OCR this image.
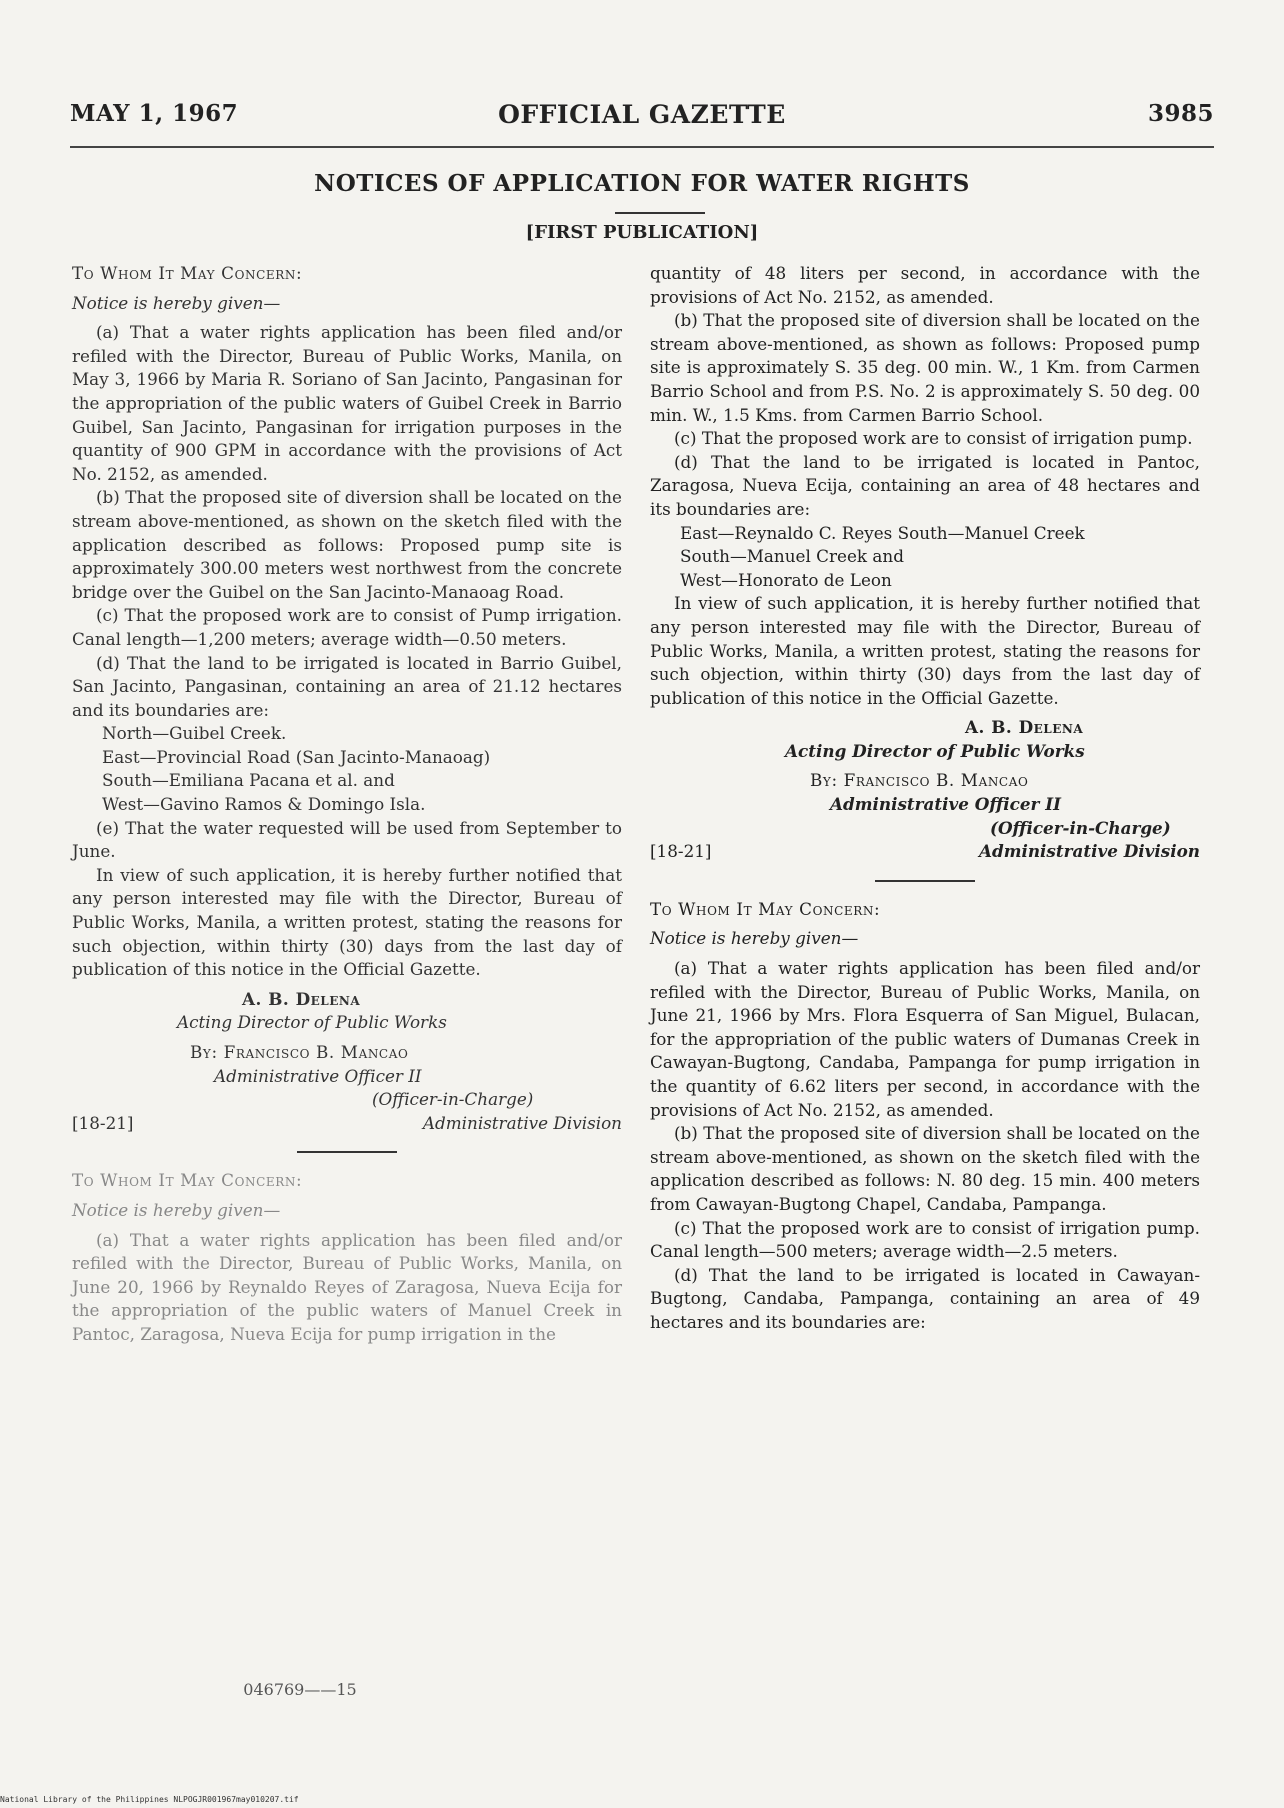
MAY 1, 1967	OFFICIAL GAZETTE	3985
NOTICES OF APPLICATION FOR WATER RIGHTS
[FIRST PUBLICATION]

To Whom It May Concern:

Notice is hereby given—

(a) That a water rights application has been filed and/or refiled with the Director, Bureau of Public Works, Manila, on May 3, 1966 by Maria R. Soriano of San Jacinto, Pangasinan for the appropriation of the public waters of Guibel Creek in Barrio Guibel, San Jacinto, Pangasinan for irrigation purposes in the quantity of 900 GPM in accordance with the provisions of Act No. 2152, as amended.

(b) That the proposed site of diversion shall be located on the stream above-mentioned, as shown on the sketch filed with the application described as follows: Proposed pump site is approximately 300.00 meters west northwest from the concrete bridge over the Guibel on the San Jacinto-Manaoag Road.

(c) That the proposed work are to consist of Pump irrigation. Canal length—1,200 meters; average width—0.50 meters.

(d) That the land to be irrigated is located in Barrio Guibel, San Jacinto, Pangasinan, containing an area of 21.12 hectares and its boundaries are:

North—Guibel Creek.

East—Provincial Road (San Jacinto-Manaoag)

South—Emiliana Pacana et al. and

West—Gavino Ramos & Domingo Isla.

(e) That the water requested will be used from September to June.

In view of such application, it is hereby further notified that any person interested may file with the Director, Bureau of Public Works, Manila, a written protest, stating the reasons for such objection, within thirty (30) days from the last day of publication of this notice in the Official Gazette.

A. B. Delena

Acting Director of Public Works

By: Francisco B. Mancao

Administrative Officer II

(Officer-in-Charge)

[18-21]	Administrative Division

To Whom It May Concern:

Notice is hereby given—

(a) That a water rights application has been filed and/or refiled with the Director, Bureau of Public Works, Manila, on June 20, 1966 by Reynaldo Reyes of Zaragosa, Nueva Ecija for the appropriation of the public waters of Manuel Creek in Pantoc, Zaragosa, Nueva Ecija for pump irrigation in the

quantity of 48 liters per second, in accordance with the provisions of Act No. 2152, as amended.

(b) That the proposed site of diversion shall be located on the stream above-mentioned, as shown as follows: Proposed pump site is approximately S. 35 deg. 00 min. W., 1 Km. from Carmen Barrio School and from P.S. No. 2 is approximately S. 50 deg. 00 min. W., 1.5 Kms. from Carmen Barrio School.

(c) That the proposed work are to consist of irrigation pump.

(d) That the land to be irrigated is located in Pantoc, Zaragosa, Nueva Ecija, containing an area of 48 hectares and its boundaries are:

East—Reynaldo C. Reyes South—Manuel Creek

South—Manuel Creek and

West—Honorato de Leon

In view of such application, it is hereby further notified that any person interested may file with the Director, Bureau of Public Works, Manila, a written protest, stating the reasons for such objection, within thirty (30) days from the last day of publication of this notice in the Official Gazette.

A. B. Delena

Acting Director of Public Works

By: Francisco B. Mancao

Administrative Officer II

(Officer-in-Charge)

[18-21]	Administrative Division

To Whom It May Concern:

Notice is hereby given—

(a) That a water rights application has been filed and/or refiled with the Director, Bureau of Public Works, Manila, on June 21, 1966 by Mrs. Flora Esquerra of San Miguel, Bulacan, for the appropriation of the public waters of Dumanas Creek in Cawayan-Bugtong, Candaba, Pampanga for pump irrigation in the quantity of 6.62 liters per second, in accordance with the provisions of Act No. 2152, as amended.

(b) That the proposed site of diversion shall be located on the stream above-mentioned, as shown on the sketch filed with the application described as follows: N. 80 deg. 15 min. 400 meters from Cawayan-Bugtong Chapel, Candaba, Pampanga.

(c) That the proposed work are to consist of irrigation pump. Canal length—500 meters; average width—2.5 meters.

(d) That the land to be irrigated is located in Cawayan-Bugtong, Candaba, Pampanga, containing an area of 49 hectares and its boundaries are:

046769——15
National Library of the Philippines NLPOGJR001967may010207.tif
